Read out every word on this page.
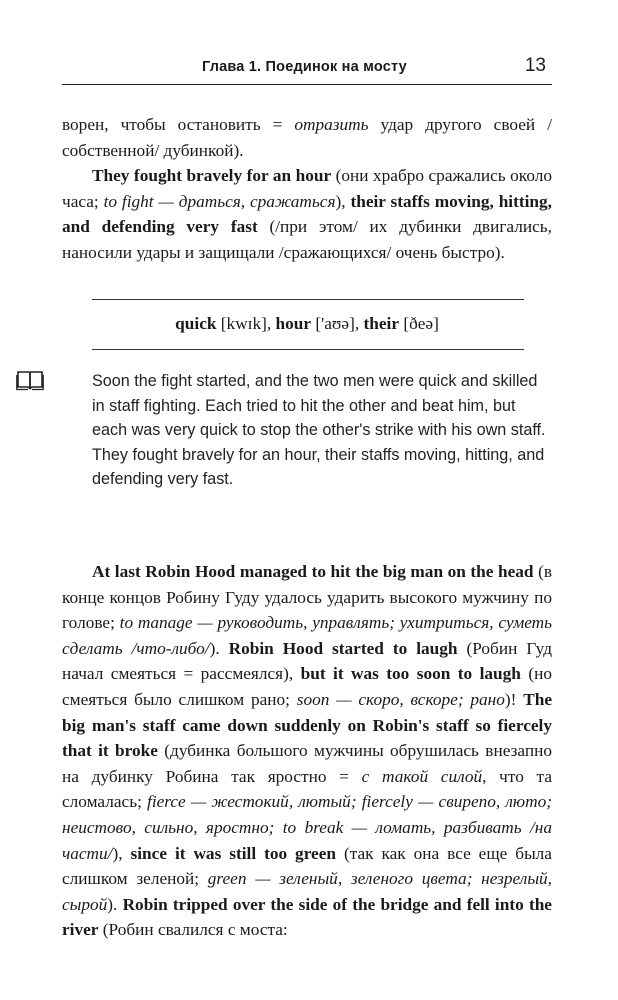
Глава 1. Поединок на мосту	13

ворен, чтобы остановить = отразить удар другого своей /собственной/ дубинкой).

They fought bravely for an hour (они храбро сражались около часа; to fight — драться, сражаться), their staffs moving, hitting, and defending very fast (/при этом/ их дубинки двигались, наносили удары и защищали /сражающихся/ очень быстро).

quick [kwɪk], hour ['aʊə], their [ðeə]

Soon the fight started, and the two men were quick and skilled in staff fighting. Each tried to hit the other and beat him, but each was very quick to stop the other's strike with his own staff.

They fought bravely for an hour, their staffs moving, hitting, and defending very fast.

At last Robin Hood managed to hit the big man on the head (в конце концов Робину Гуду удалось ударить высокого мужчину по голове; to manage — руководить, управлять; ухитриться, суметь сделать /что-либо/). Robin Hood started to laugh (Робин Гуд начал смеяться = рассмеялся), but it was too soon to laugh (но смеяться было слишком рано; soon — скоро, вскоре; рано)! The big man's staff came down suddenly on Robin's staff so fiercely that it broke (дубинка большого мужчины обрушилась внезапно на дубинку Робина так яростно = с такой силой, что та сломалась; fierce — жестокий, лютый; fiercely — свирепо, люто; неистово, сильно, яростно; to break — ломать, разбивать /на части/), since it was still too green (так как она все еще была слишком зеленой; green — зеленый, зеленого цвета; незрелый, сырой). Robin tripped over the side of the bridge and fell into the river (Робин свалился с моста:
